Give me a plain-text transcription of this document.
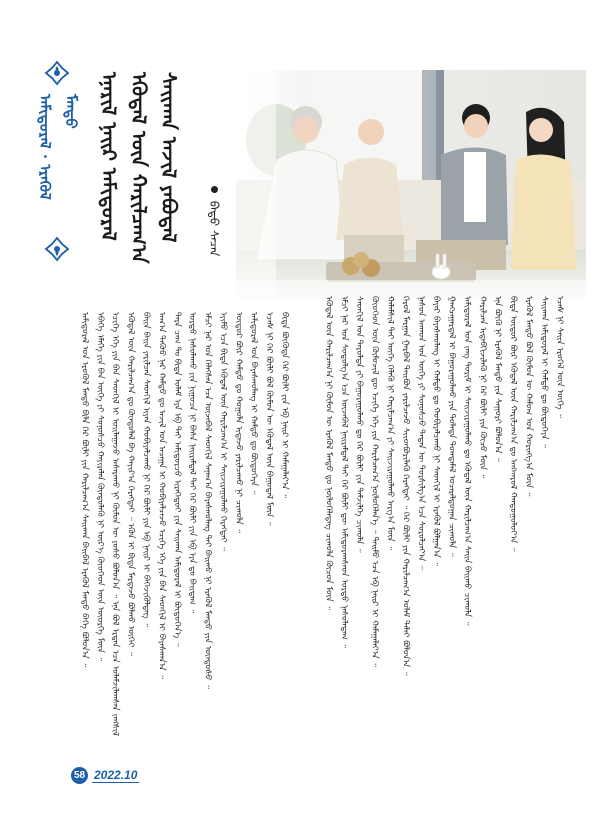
ᠠᠮᠢᠳᠤᠷᠠᠯ · ᠡᠷᠡᠭᠦᠯ ᠮᠡᠨᠳᠦ ᠡᠨᠡᠷᠢᠯ ᠨᠠᠢᠷ ᠠᠮᠢᠳᠤᠷᠠᠯ ᠡᠭᠦᠳᠡᠯ ᠦᠨ ᠬᠠᠷᠢᠯᠴᠠᠭ᠎ᠠ ᠰᠠᠢᠬᠠᠨ ᠠᠵᠢᠯ ᠶᠠᠪᠤᠳᠠᠯ	ᠪᠠᠲᠤ ᠰᠡᠴᠡᠨ
ᠠᠮᠢᠳᠤᠷᠠᠯ ᠤᠨ ᠡᠷᠦᠬᠦᠯ ᠮᠡᠨᠳᠦ ᠪᠢᠯᠡ ᠭᠡᠷ ᠪᠦᠯᠢ ᠶᠢᠨ ᠬᠠᠷᠢᠯᠴᠠᠭ᠎ᠠ ᠰᠠᠢᠬᠠᠨ ᠪᠠᠢᠪᠠᠯ ᠡᠷᠡᠭᠦᠯ ᠮᠡᠨᠳᠦ ᠪᠡᠬᠡ ᠪᠣᠯᠤᠨ᠎ᠠ ᠃ ᠡᠪᠡᠭᠡ ᠡᠮᠡᠭᠡ ᠶᠢᠨ ᠪᠠᠨ ᠦᠭᠡ ᠶᠢ ᠰᠣᠨᠣᠰᠴᠤ ᠬᠠᠶᠢᠷᠠᠯᠠᠨ ᠬᠦᠨᠳᠦᠯᠡᠬᠦ ᠨᠢ ᠦᠷ᠎ᠡ ᠬᠦᠦᠬᠡᠳ ᠦᠨ ᠦᠦᠷᠭᠡ ᠮᠦᠨ ᠃ ᠡᠴᠢᠭᠡ ᠡᠬᠡ ᠶᠢᠨ ᠪᠠᠨ ᠰᠡᠳᠬᠢᠯ ᠢ ᠣᠢᠯᠠᠭᠠᠵᠤ ᠠᠰᠠᠷᠠᠬᠤ ᠨᠢ ᠬᠦᠮᠦᠨ ᠦ ᠶᠣᠰᠣ ᠪᠣᠯᠤᠨ᠎ᠠ ᠃ ᠡᠨᠡ ᠪᠣᠯ ᠡᠷᠲᠡᠨ ᠡᠴᠡ ᠤᠯᠠᠮᠵᠢᠯᠠᠭᠰᠠᠨ ᠵᠠᠩᠰᠢᠯ
ᠡᠭᠦᠳᠡᠯ ᠦᠨ ᠬᠠᠷᠢᠯᠴᠠᠭ᠎ᠠ ᠳᠤ ᠬᠦᠨᠳᠦᠯᠡᠯ ᠪᠠ ᠬᠠᠶᠢᠷ᠎ᠠ ᠬᠡᠷᠡᠭᠲᠡᠢ ᠃ ᠡᠭᠦᠨ ᠢ ᠪᠢᠳᠡ ᠮᠠᠷᠲᠠᠵᠤ ᠪᠣᠯᠬᠤ ᠦᠭᠡᠢ ᠃ ᠪᠠᠢᠨ ᠪᠠᠢᠨ ᠶᠠᠷᠢᠯᠴᠠᠨ ᠰᠡᠳᠬᠢᠯ ᠢᠶᠡᠨ ᠬᠤᠪᠢᠶᠠᠯᠴᠠᠬᠤ ᠨᠢ ᠭᠡᠷ ᠪᠦᠯᠢ ᠶᠢᠨ ᠡᠪ ᠨᠠᠢᠷ ᠢ ᠪᠡᠬᠡᠵᠢᠭᠦᠯᠳᠡᠭ ᠃ ᠠᠬ᠎ᠠ ᠳᠡᠭᠦᠦ ᠨᠠᠷ ᠬᠠᠮᠲᠤ ᠳᠤ ᠠᠵᠢᠯ ᠤᠨ ᠠᠴᠠᠭᠠ ᠢ ᠬᠤᠪᠢᠶᠠᠯᠴᠠᠵᠤ ᠡᠴᠢᠭᠡ ᠡᠬᠡ ᠶᠢᠨ ᠪᠠᠨ ᠰᠡᠳᠬᠢᠯ ᠢ ᠪᠠᠶᠠᠰᠬᠠᠨ᠎ᠠ ᠃ ᠲᠡᠷᠡ ᠴᠠᠭ ᠲᠤ ᠪᠢᠳᠡ ᠤᠯᠠᠮ ᠡᠶᠡ ᠡᠪ ᠲᠡᠢ ᠠᠮᠢᠳᠤᠷᠴᠤ ᠢᠷᠡᠭᠡᠳᠦᠢ ᠶᠢᠨ ᠰᠠᠢᠬᠠᠨ ᠠᠮᠢᠳᠤᠷᠠᠯ ᠢ ᠪᠦᠲᠦᠭᠡᠨ᠎ᠡ ᠃ ᠤᠷᠲᠤ ᠨᠠᠰᠤᠯᠠᠬᠤ ᠶᠢᠨ ᠨᠢᠭᠤᠴᠠ ᠨᠢ ᠪᠠᠰᠠ ᠨᠠᠢᠷᠠᠮᠳᠠᠯ ᠲᠠᠢ ᠭᠡᠷ ᠪᠦᠯᠢ ᠶᠢᠨ ᠡᠪ ᠡᠶᠡ ᠳᠤ ᠪᠠᠢᠳᠠᠭ ᠃ ᠡᠮᠴᠢ ᠨᠠᠷ ᠤᠨ ᠬᠡᠯᠡᠭᠰᠡᠨ ᠡᠴᠡ ᠦᠵᠡᠪᠡᠯ ᠰᠡᠳᠬᠢᠯ ᠰᠠᠨᠠᠭ᠎ᠠ ᠪᠠᠶᠠᠰᠬᠤᠯᠠᠩ ᠲᠠᠢ ᠪᠠᠢᠬᠤ ᠨᠢ ᠡᠷᠡᠭᠦᠯ ᠮᠡᠨᠳᠦ ᠶᠢᠨ ᠦᠨᠳᠦᠰᠦ ᠃ ᠡᠶᠢᠮᠦ ᠡᠴᠡ ᠪᠢᠳᠡ ᠡᠭᠦᠳᠡᠯ ᠦᠨ ᠬᠠᠷᠢᠯᠴᠠᠭ᠎ᠠ ᠢ ᠰᠠᠢᠵᠢᠷᠠᠭᠤᠯᠬᠤ ᠬᠡᠷᠡᠭᠲᠡᠢ ᠃ ᠦᠳᠦᠷ ᠪᠦᠷ ᠬᠠᠮᠲᠤ ᠳᠤ ᠬᠣᠭᠣᠯᠠ ᠢᠳᠡᠵᠦ ᠶᠠᠷᠢᠯᠴᠠᠬᠤ ᠨᠢ ᠴᠢᠬᠤᠯᠠ ᠃ ᠠᠮᠢᠳᠤᠷᠠᠯ ᠤᠨ ᠪᠠᠶᠠᠰᠬᠤᠯᠠᠩ ᠢ ᠬᠠᠮᠲᠤ ᠳᠤ ᠪᠦᠲᠦᠭᠡᠶᠡ ᠃ ᠡᠴᠡᠰ ᠨᠢ ᠭᠡᠷ ᠪᠦᠯᠢ ᠪᠣᠯ ᠬᠦᠮᠦᠨ ᠦ ᠡᠭᠦᠳᠡᠯ ᠦᠨ ᠪᠠᠭᠤᠳᠠᠯ ᠮᠥᠨ ᠃ ᠪᠢᠳᠡ ᠪᠦᠬᠦᠳᠡ ᠭᠡᠷ ᠪᠦᠯᠢ ᠶᠢᠨ ᠡᠪ ᠨᠠᠢᠷ ᠢ ᠬᠠᠮᠠᠭᠠᠯᠠᠶ᠎ᠠ ᠃	ᠡᠭᠦᠳᠡᠯ ᠦᠨ ᠬᠠᠷᠢᠯᠴᠠᠭ᠎ᠠ ᠨᠢ ᠬᠦᠮᠦᠨ ᠦ ᠡᠷᠡᠭᠦᠯ ᠮᠡᠨᠳᠦ ᠳᠤ ᠨᠦᠯᠦᠭᠡᠯᠡᠳᠡᠭ ᠴᠢᠬᠤᠯᠠ ᠬᠦᠴᠦᠨ ᠮᠥᠨ ᠃ ᠡᠮᠴᠢ ᠨᠠᠷ ᠤᠨ ᠰᠤᠳᠤᠯᠭ᠎ᠠ ᠡᠴᠡ ᠦᠵᠡᠪᠡᠯ ᠨᠠᠢᠷᠠᠮᠳᠠᠯ ᠲᠠᠢ ᠭᠡᠷ ᠪᠦᠯᠢ ᠳᠦ ᠠᠮᠢᠳᠤᠷᠠᠭᠰᠠᠳ ᠤᠷᠲᠤ ᠨᠠᠰᠤᠯᠠᠳᠠᠭ ᠃ ᠰᠡᠳᠬᠢᠯ ᠤᠨ ᠳᠠᠷᠤᠯᠲᠠ ᠶᠢ ᠪᠠᠭᠤᠷᠠᠭᠤᠯᠬᠤ ᠳᠤ ᠭᠡᠷ ᠪᠦᠯᠢ ᠶᠢᠨ ᠳᠡᠮᠵᠢᠯᠭᠡ ᠴᠢᠬᠤᠯᠠ ᠃ ᠬᠦᠦᠬᠡᠳ ᠦᠨ ᠬᠦᠮᠦᠵᠢᠯ ᠳᠦ ᠡᠴᠢᠭᠡ ᠡᠬᠡ ᠶᠢᠨ ᠬᠠᠷᠢᠯᠴᠠᠭ᠎ᠠ ᠨᠦᠯᠦᠭᠡᠯᠡᠨ᠎ᠡ ᠃ ᠲᠡᠢᠮᠦ ᠡᠴᠡ ᠡᠪ ᠨᠠᠢᠷ ᠢ ᠬᠠᠮᠠᠭᠠᠯᠠᠶ᠎ᠠ ᠃ ᠬᠠᠯᠠᠮᠰᠢᠯ ᠲᠠᠢ ᠦᠭᠡ ᠬᠡᠯᠡᠬᠦ ᠨᠢ ᠬᠠᠷᠢᠯᠴᠠᠭ᠎ᠠ ᠶᠢ ᠰᠠᠢᠵᠢᠷᠠᠭᠤᠯᠬᠤ ᠠᠷᠭ᠎ᠠ ᠮᠥᠨ ᠃ ᠬᠡᠷᠦᠯ ᠮᠠᠷᠭᠠᠨ ᠭᠠᠷᠪᠠᠯ ᠲᠠᠢᠪᠤᠨ ᠶᠠᠷᠢᠯᠴᠠᠵᠤ ᠰᠢᠢᠳᠪᠦᠷᠢᠯᠡᠬᠦ ᠬᠡᠷᠡᠭᠲᠡᠢ ᠃ ᠭᠡᠷ ᠪᠦᠯᠢ ᠶᠢᠨ ᠬᠠᠷᠢᠯᠴᠠᠭ᠎ᠠ ᠤᠯᠠᠮ ᠳᠠᠯᠠᠢ ᠪᠣᠯᠤᠨ᠎ᠠ ᠃ ᠨᠠᠰᠤᠨ ᠠᠬᠠᠳ ᠤᠨ ᠦᠭᠡ ᠶᠢ ᠰᠣᠨᠣᠰᠴᠤ ᠲᠡᠳᠡᠨ ᠦ ᠲᠤᠷᠰᠢᠯᠭ᠎ᠠ ᠡᠴᠡ ᠰᠤᠷᠤᠯᠴᠠᠶ᠎ᠠ ᠃ ᠪᠠᠶᠠᠷ ᠪᠠᠶᠠᠰᠬᠤᠯᠠᠩ ᠢ ᠬᠠᠮᠲᠤ ᠳᠤ ᠬᠤᠪᠢᠶᠠᠯᠴᠠᠬᠤ ᠨᠢ ᠰᠡᠳᠬᠢᠯ ᠢ ᠡᠷᠡᠭᠦᠯ ᠪᠣᠯᠭᠠᠨ᠎ᠠ ᠃ ᠭᠠᠩᠴᠠᠭᠠᠷᠳᠠᠯ ᠢ ᠪᠠᠭᠤᠷᠠᠭᠤᠯᠬᠤ ᠶᠢᠨ ᠲᠤᠯᠠᠳᠠ ᠲᠣᠭᠲᠠᠮᠠᠯ ᠤᠴᠠᠷᠠᠯᠳᠤᠭᠠᠨ ᠴᠢᠬᠤᠯᠠ ᠃ ᠠᠮᠢᠳᠤᠷᠠᠯ ᠤᠨ ᠵᠠᠩ ᠲᠣᠷᠢᠮ ᠢ ᠰᠠᠢᠵᠢᠷᠠᠭᠤᠯᠬᠤ ᠳᠤ ᠡᠭᠦᠳᠡᠯ ᠦᠨ ᠬᠠᠷᠢᠯᠴᠠᠭ᠎ᠠ ᠰᠠᠢᠨ ᠪᠠᠢᠬᠤ ᠴᠢᠬᠤᠯᠠ ᠃ ᠬᠠᠷᠢᠯᠴᠠᠨ ᠢᠳᠡᠪᠬᠢᠵᠢᠯᠡᠬᠦ ᠨᠢ ᠭᠡᠷ ᠪᠦᠯᠢ ᠶᠢᠨ ᠬᠦᠴᠦ ᠮᠥᠨ ᠃ ᠡᠨᠡ ᠪᠦᠬᠦ ᠨᠢ ᠡᠷᠡᠭᠦᠯ ᠮᠡᠨᠳᠦ ᠶᠢᠨ ᠰᠠᠭᠤᠷᠢ ᠪᠣᠯᠤᠨ᠎ᠠ ᠃ ᠪᠢᠳᠡ ᠦᠳᠦᠷ ᠪᠦᠷ ᠡᠭᠦᠳᠡᠯ ᠦᠨ ᠬᠠᠷᠢᠯᠴᠠᠭ᠎ᠠ ᠳᠤ ᠠᠩᠬᠠᠷᠤᠯ ᠬᠠᠨᠳᠤᠭᠤᠯᠤᠶ᠎ᠠ ᠃ ᠡᠷᠡᠭᠦᠯ ᠮᠡᠨᠳᠦ ᠪᠣᠯ ᠬᠦᠮᠦᠨ ᠦ ᠬᠠᠮᠤᠭ ᠤᠨ ᠬᠣᠷᠢᠩᠭ᠎ᠠ ᠮᠥᠨ ᠃ ᠰᠠᠢᠬᠠᠨ ᠠᠮᠢᠳᠤᠷᠠᠯ ᠢ ᠬᠠᠮᠲᠤ ᠳᠤ ᠪᠦᠲᠦᠭᠡᠶᠡ ᠃ ᠡᠴᠡᠰ ᠨᠢ ᠰᠠᠢᠨ ᠡᠷᠦᠭᠡᠯ ᠦᠨ ᠦᠭᠡ ᠃
58 2022.10
